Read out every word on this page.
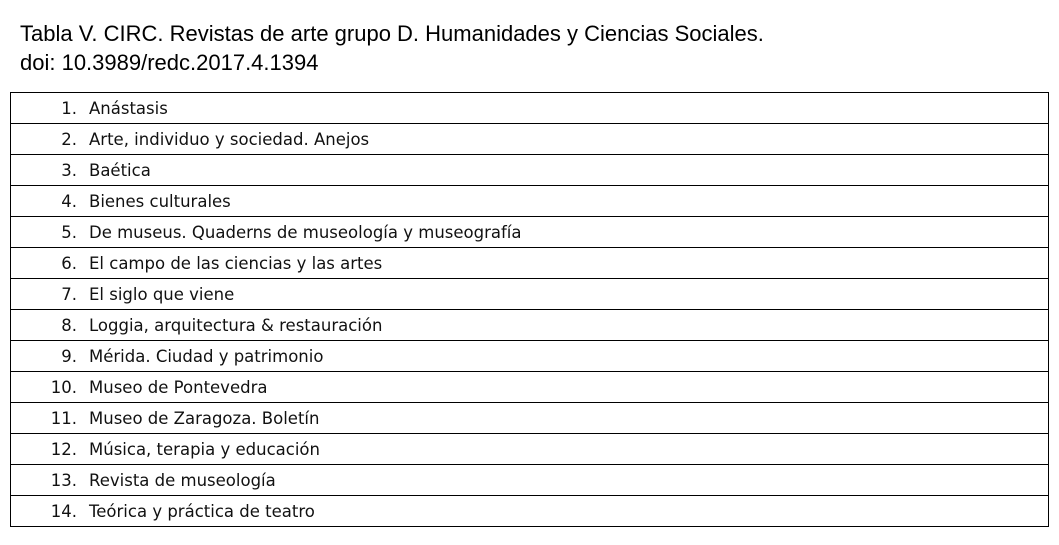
Tabla V. CIRC. Revistas de arte grupo D. Humanidades y Ciencias Sociales.
doi: 10.3989/redc.2017.4.1394
1.	Anástasis
2.	Arte, individuo y sociedad. Anejos
3.	Baética
4.	Bienes culturales
5.	De museus. Quaderns de museología y museografía
6.	El campo de las ciencias y las artes
7.	El siglo que viene
8.	Loggia, arquitectura & restauración
9.	Mérida. Ciudad y patrimonio
10.	Museo de Pontevedra
11.	Museo de Zaragoza. Boletín
12.	Música, terapia y educación
13.	Revista de museología
14.	Teórica y práctica de teatro
